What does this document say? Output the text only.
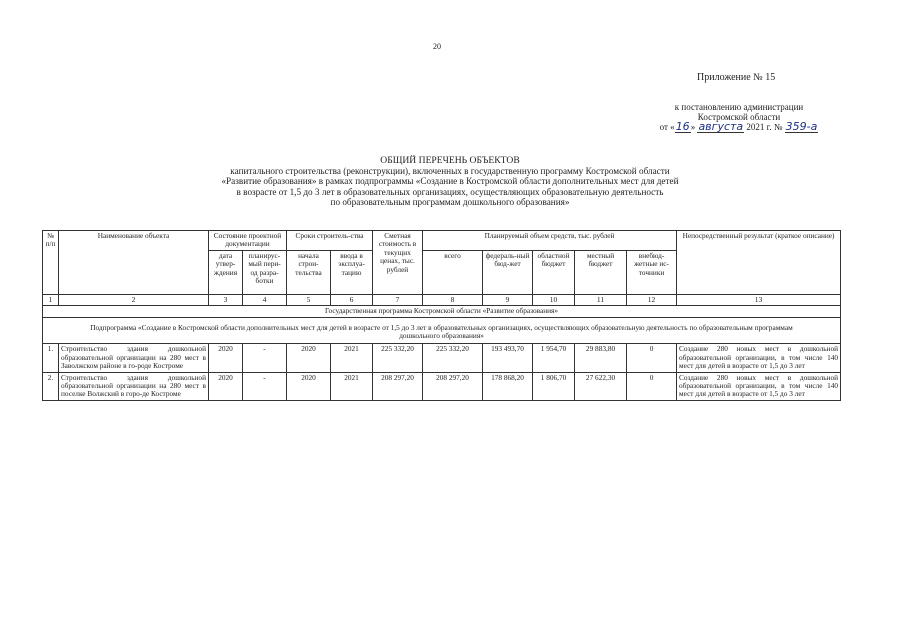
20
Приложение № 15
к постановлению администрации
Костромской области
от «16» августа 2021 г. № 359-а
ОБЩИЙ ПЕРЕЧЕНЬ ОБЪЕКТОВ
капитального строительства (реконструкции), включенных в государственную программу Костромской области
«Развитие образования» в рамках подпрограммы «Создание в Костромской области дополнительных мест для детей
в возрасте от 1,5 до 3 лет в образовательных организациях, осуществляющих образовательную деятельность
по образовательным программам дошкольного образования»
№ п/п	Наименование объекта	Состояние проектной документации		Сроки строитель-ства		Сметная стоимость в текущих ценах, тыс. рублей	Планируемый объем средств, тыс. рублей					Непосредственный результат (краткое описание)
		дата утвер-ждения	планирус-мый пери-од разра-ботки	начала строи-тельства	ввода в эксплуа-тацию		всего	федераль-ный бюд-жет	областной бюджет	местный бюджет	внебюд-жетные ис-точники	
1	2	3	4	5	6	7	8	9	10	11	12	13
Государственная программа Костромской области «Развитие образования»												
Подпрограмма «Создание в Костромской области дополнительных мест для детей в возрасте от 1,5 до 3 лет в образовательных организациях, осуществляющих образовательную деятельность по образовательным программам дошкольного образования»												
1.	Строительство здания дошкольной образовательной организации на 280 мест в Заволжском районе в го-роде Костроме	2020	-	2020	2021	225 332,20	225 332,20	193 493,70	1 954,70	29 883,80	0	Создание 280 новых мест в дошкольной образовательной организации, в том числе 140 мест для детей в возрасте от 1,5 до 3 лет
2.	Строительство здания дошкольной образовательной организации на 280 мест в поселке Волжский в горо-де Костроме	2020	-	2020	2021	208 297,20	208 297,20	178 868,20	1 806,70	27 622,30	0	Создание 280 новых мест в дошкольной образовательной организации, в том числе 140 мест для детей в возрасте от 1,5 до 3 лет
